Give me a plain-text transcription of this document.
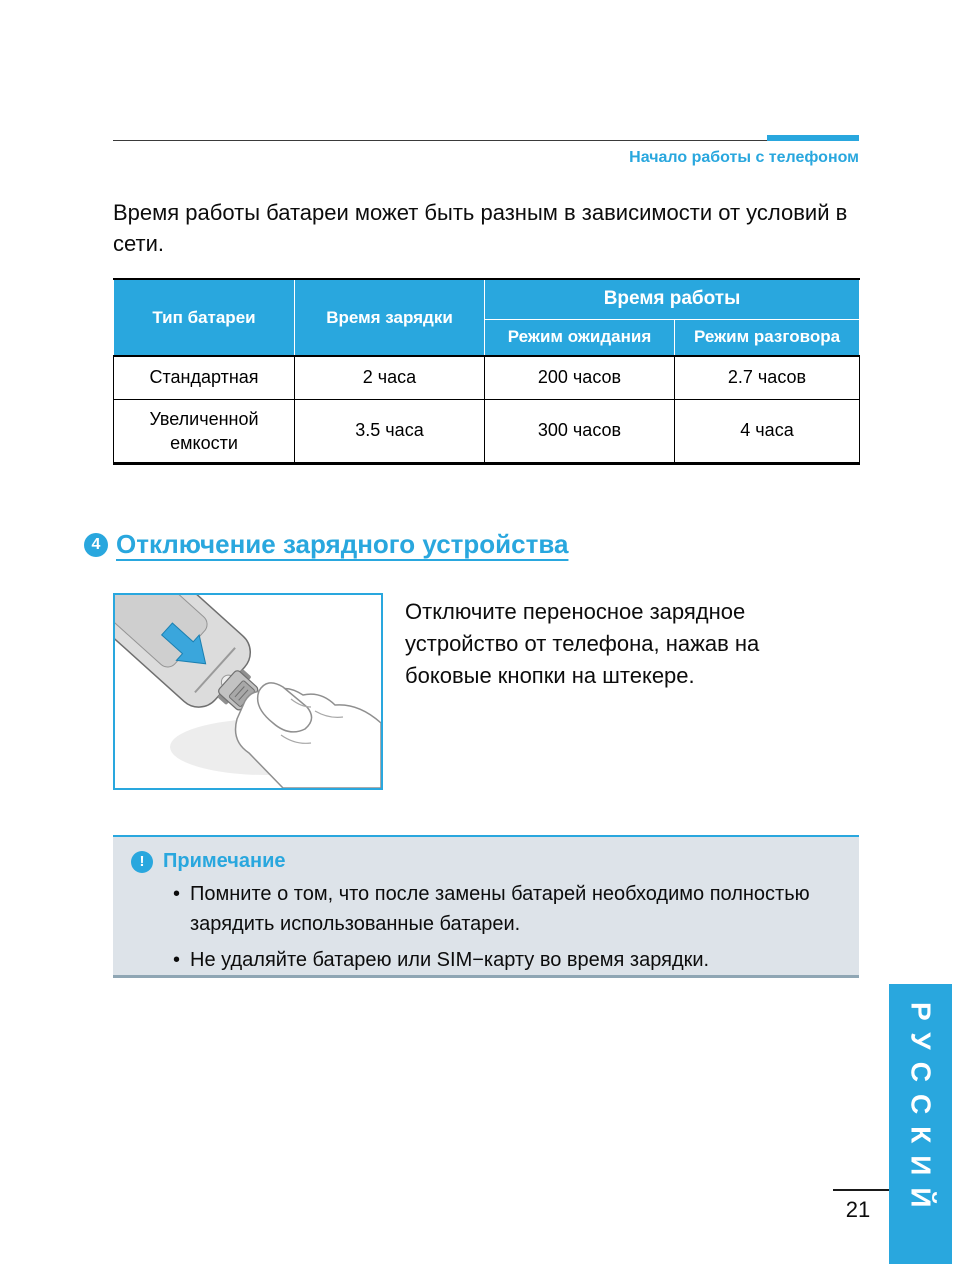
Начало работы с телефоном
Время работы батареи может быть разным в зависимости от условий в сети.
Тип батареи	Время зарядки	Время работы	
		Режим ожидания	Режим разговора
Стандартная	2 часа	200 часов	2.7 часов
Увеличенной емкости	3.5 часа	300 часов	4 часа
4 Отключение зарядного устройства
Отключите переносное зарядное устройство от телефона, нажав на боковые кнопки на штекере.
! Примечание
• Помните о том, что после замены батарей необходимо полностью зарядить использованные батареи.
• Не удаляйте батарею или SIM−карту во время зарядки.
РУССКИЙ
21
